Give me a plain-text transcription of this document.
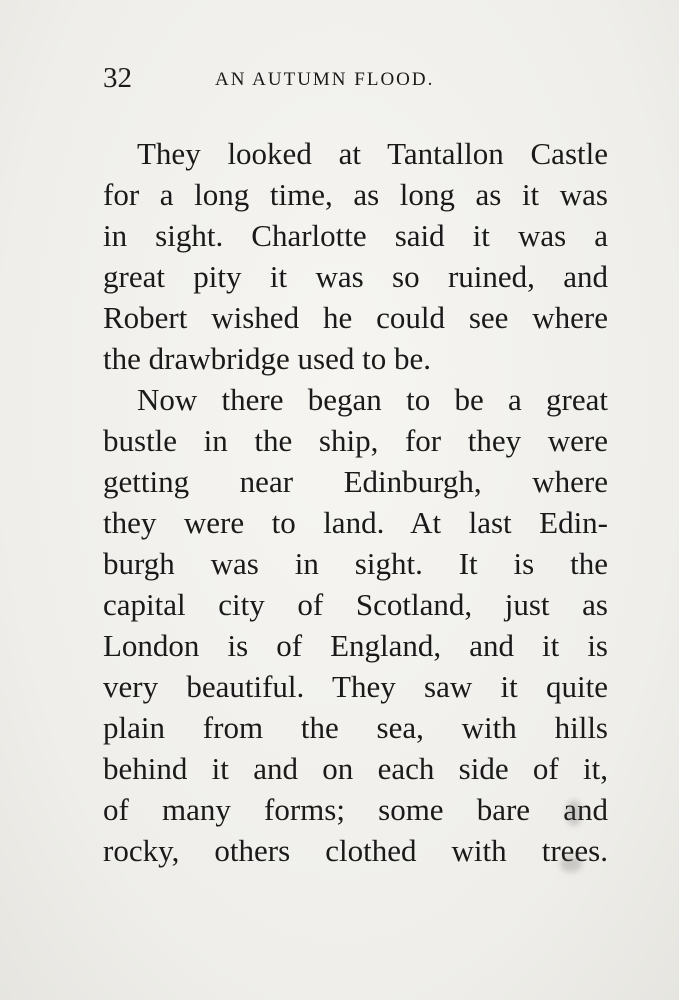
32	AN AUTUMN FLOOD.
They looked at Tantallon Castle
for a long time, as long as it was
in sight. Charlotte said it was a
great pity it was so ruined, and
Robert wished he could see where
the drawbridge used to be.
Now there began to be a great
bustle in the ship, for they were
getting near Edinburgh, where
they were to land. At last Edin-
burgh was in sight. It is the
capital city of Scotland, just as
London is of England, and it is
very beautiful. They saw it quite
plain from the sea, with hills
behind it and on each side of it,
of many forms; some bare and
rocky, others clothed with trees.
